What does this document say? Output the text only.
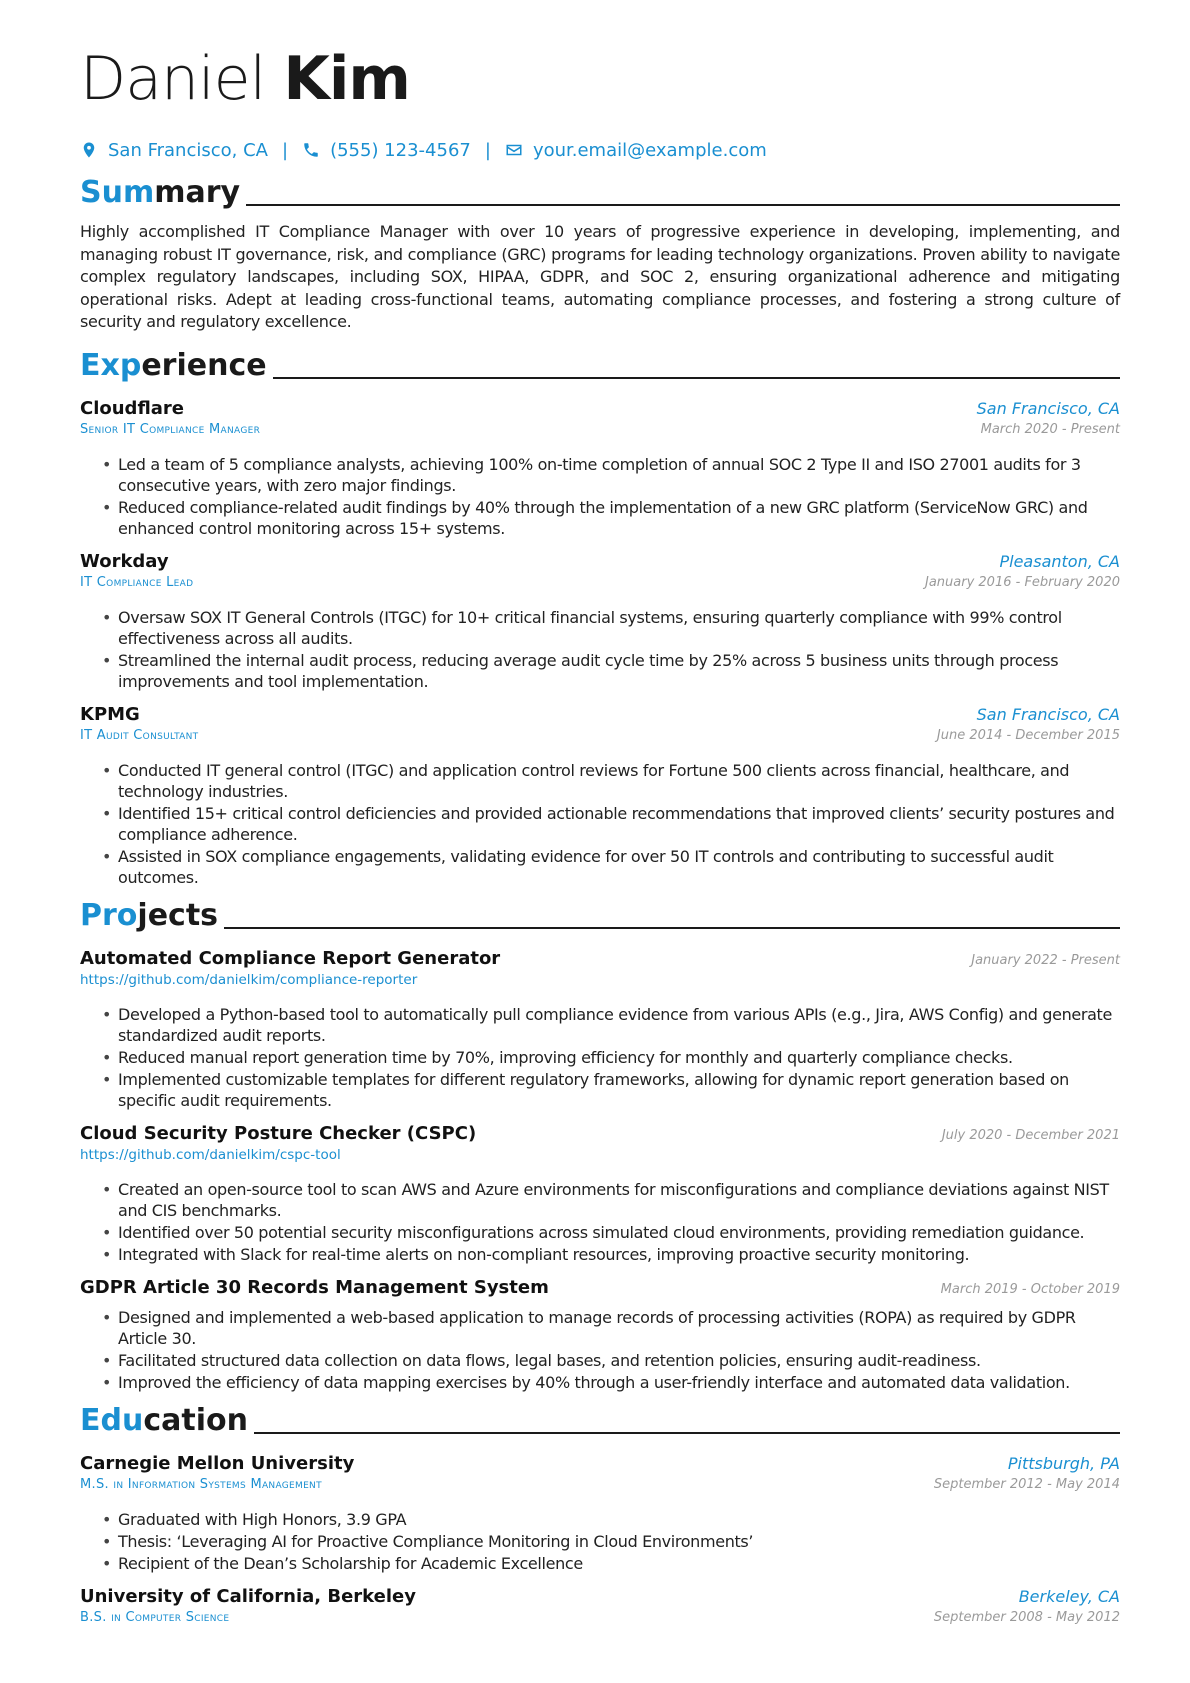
Daniel Kim
San Francisco, CA | (555) 123-4567 | your.email@example.com
Summary
Highly accomplished IT Compliance Manager with over 10 years of progressive experience in developing, implementing, and managing robust IT governance, risk, and compliance (GRC) programs for leading technology organizations. Proven ability to navigate complex regulatory landscapes, including SOX, HIPAA, GDPR, and SOC 2, ensuring organizational adherence and mitigating operational risks. Adept at leading cross-functional teams, automating compliance processes, and fostering a strong culture of security and regulatory excellence.
Experience
Cloudflare	San Francisco, CA
Senior IT Compliance Manager	March 2020 - Present
• Led a team of 5 compliance analysts, achieving 100% on-time completion of annual SOC 2 Type II and ISO 27001 audits for 3 consecutive years, with zero major findings.
• Reduced compliance-related audit findings by 40% through the implementation of a new GRC platform (ServiceNow GRC) and enhanced control monitoring across 15+ systems.
Workday	Pleasanton, CA
IT Compliance Lead	January 2016 - February 2020
• Oversaw SOX IT General Controls (ITGC) for 10+ critical financial systems, ensuring quarterly compliance with 99% control effectiveness across all audits.
• Streamlined the internal audit process, reducing average audit cycle time by 25% across 5 business units through process improvements and tool implementation.
KPMG	San Francisco, CA
IT Audit Consultant	June 2014 - December 2015
• Conducted IT general control (ITGC) and application control reviews for Fortune 500 clients across financial, healthcare, and technology industries.
• Identified 15+ critical control deficiencies and provided actionable recommendations that improved clients’ security postures and compliance adherence.
• Assisted in SOX compliance engagements, validating evidence for over 50 IT controls and contributing to successful audit outcomes.
Projects
Automated Compliance Report Generator	January 2022 - Present
https://github.com/danielkim/compliance-reporter
• Developed a Python-based tool to automatically pull compliance evidence from various APIs (e.g., Jira, AWS Config) and generate standardized audit reports.
• Reduced manual report generation time by 70%, improving efficiency for monthly and quarterly compliance checks.
• Implemented customizable templates for different regulatory frameworks, allowing for dynamic report generation based on specific audit requirements.
Cloud Security Posture Checker (CSPC)	July 2020 - December 2021
https://github.com/danielkim/cspc-tool
• Created an open-source tool to scan AWS and Azure environments for misconfigurations and compliance deviations against NIST and CIS benchmarks.
• Identified over 50 potential security misconfigurations across simulated cloud environments, providing remediation guidance.
• Integrated with Slack for real-time alerts on non-compliant resources, improving proactive security monitoring.
GDPR Article 30 Records Management System	March 2019 - October 2019
• Designed and implemented a web-based application to manage records of processing activities (ROPA) as required by GDPR Article 30.
• Facilitated structured data collection on data flows, legal bases, and retention policies, ensuring audit-readiness.
• Improved the efficiency of data mapping exercises by 40% through a user-friendly interface and automated data validation.
Education
Carnegie Mellon University	Pittsburgh, PA
M.S. in Information Systems Management	September 2012 - May 2014
• Graduated with High Honors, 3.9 GPA
• Thesis: ‘Leveraging AI for Proactive Compliance Monitoring in Cloud Environments’
• Recipient of the Dean’s Scholarship for Academic Excellence
University of California, Berkeley	Berkeley, CA
B.S. in Computer Science	September 2008 - May 2012
